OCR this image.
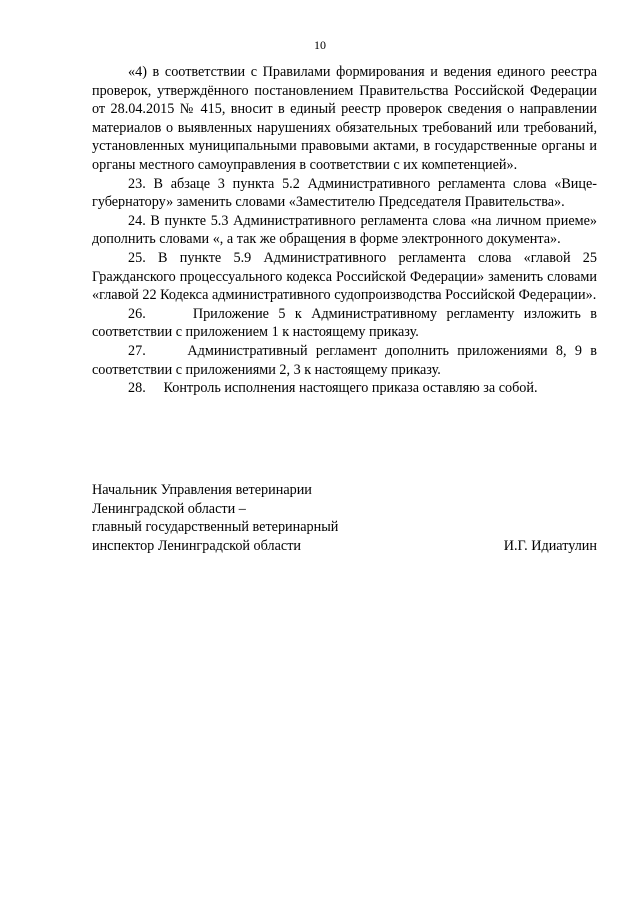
10

«4) в соответствии с Правилами формирования и ведения единого реестра проверок, утверждённого постановлением Правительства Российской Федерации от 28.04.2015 № 415, вносит в единый реестр проверок сведения о направлении материалов о выявленных нарушениях обязательных требований или требований, установленных муниципальными правовыми актами, в государственные органы и органы местного самоуправления в соответствии с их компетенцией».

23. В абзаце 3 пункта 5.2 Административного регламента слова «Вице-губернатору» заменить словами «Заместителю Председателя Правительства».

24. В пункте 5.3 Административного регламента слова «на личном приеме» дополнить словами «, а так же обращения в форме электронного документа».

25. В пункте 5.9 Административного регламента слова «главой 25 Гражданского процессуального кодекса Российской Федерации» заменить словами «главой 22 Кодекса административного судопроизводства Российской Федерации».

26.     Приложение 5 к Административному регламенту изложить в соответствии с приложением 1 к настоящему приказу.

27.     Административный регламент дополнить приложениями 8, 9 в соответствии с приложениями 2, 3 к настоящему приказу.

28.     Контроль исполнения настоящего приказа оставляю за собой.

Начальник Управления ветеринарии
Ленинградской области –
главный государственный ветеринарный
инспектор Ленинградской области	И.Г. Идиатулин
